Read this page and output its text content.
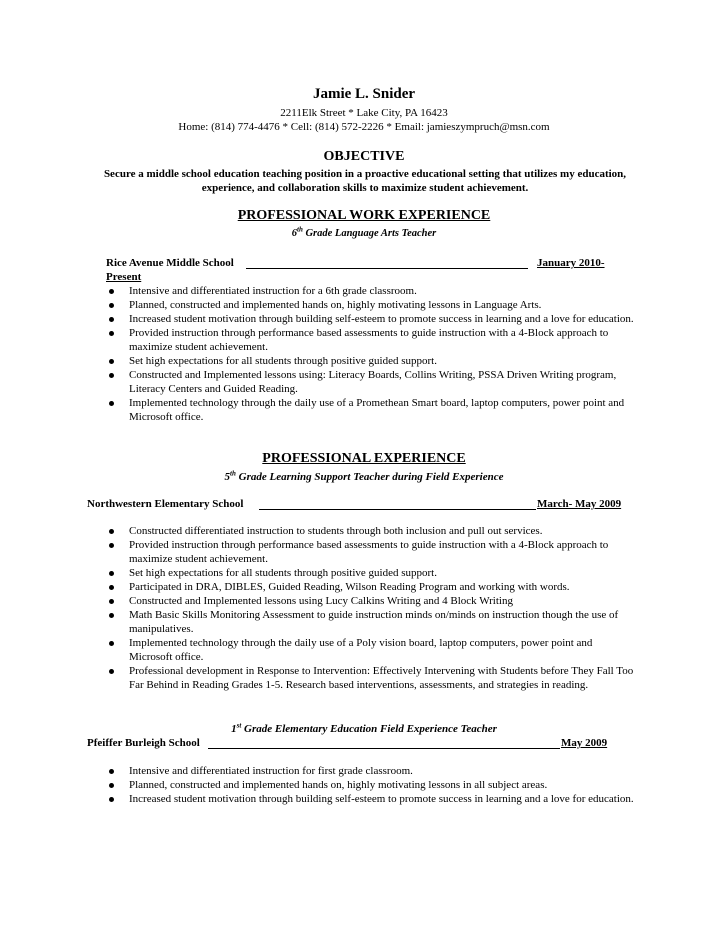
Jamie L. Snider
2211Elk Street * Lake City, PA 16423
Home: (814) 774-4476 * Cell: (814) 572-2226 * Email: jamieszympruch@msn.com
OBJECTIVE
Secure a middle school education teaching position in a proactive educational setting that utilizes my education, experience, and collaboration skills to maximize student achievement.
PROFESSIONAL WORK EXPERIENCE
6th Grade Language Arts Teacher
Rice Avenue Middle School	January 2010-
Present
Intensive and differentiated instruction for a 6th grade classroom.
Planned, constructed and implemented hands on, highly motivating lessons in Language Arts.
Increased student motivation through building self-esteem to promote success in learning and a love for education.
Provided instruction through performance based assessments to guide instruction with a 4-Block approach to maximize student achievement.
Set high expectations for all students through positive guided support.
Constructed and Implemented lessons using: Literacy Boards, Collins Writing, PSSA Driven Writing program, Literacy Centers and Guided Reading.
Implemented technology through the daily use of a Promethean Smart board, laptop computers, power point and Microsoft office.
PROFESSIONAL EXPERIENCE
5th Grade Learning Support Teacher during Field Experience
Northwestern Elementary School	March- May 2009
Constructed differentiated instruction to students through both inclusion and pull out services.
Provided instruction through performance based assessments to guide instruction with a 4-Block approach to maximize student achievement.
Set high expectations for all students through positive guided support.
Participated in DRA, DIBLES, Guided Reading, Wilson Reading Program and working with words.
Constructed and Implemented lessons using Lucy Calkins Writing and 4 Block Writing
Math Basic Skills Monitoring Assessment to guide instruction minds on/minds on instruction though the use of manipulatives.
Implemented technology through the daily use of a Poly vision board, laptop computers, power point and Microsoft office.
Professional development in Response to Intervention: Effectively Intervening with Students before They Fall Too Far Behind in Reading Grades 1-5. Research based interventions, assessments, and strategies in reading.
1st Grade Elementary Education Field Experience Teacher
Pfeiffer Burleigh School	May 2009
Intensive and differentiated instruction for first grade classroom.
Planned, constructed and implemented hands on, highly motivating lessons in all subject areas.
Increased student motivation through building self-esteem to promote success in learning and a love for education.
